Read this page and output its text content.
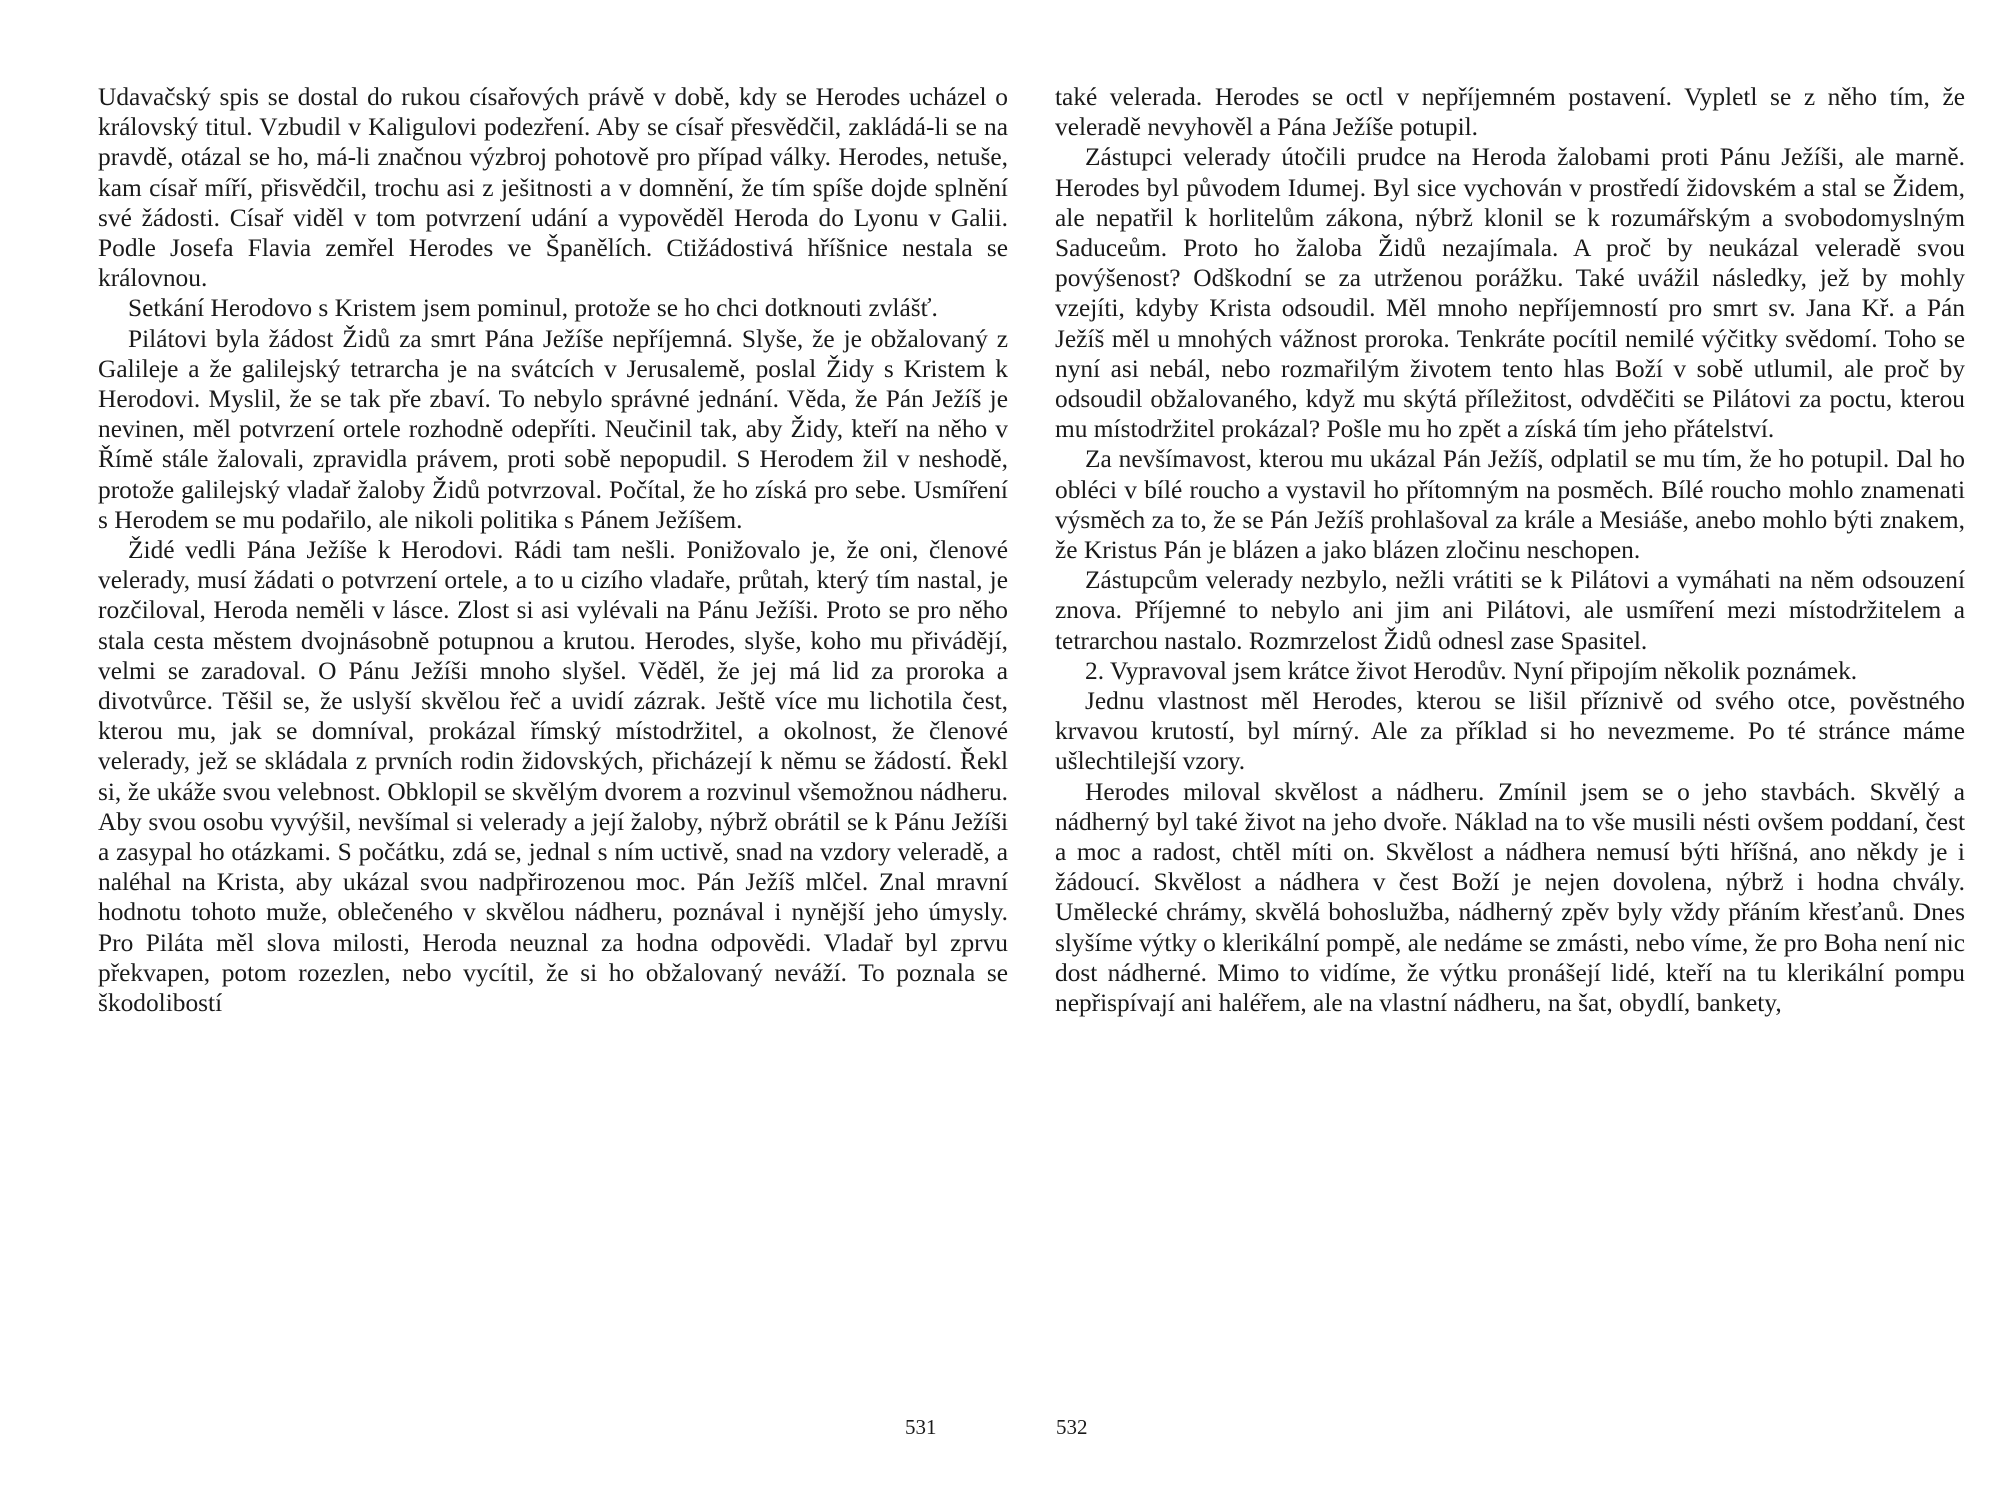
Udavačský spis se dostal do rukou císařových právě v době, kdy se Herodes ucházel o královský titul. Vzbudil v Kaligulovi podezření. Aby se císař přesvědčil, zakládá-li se na pravdě, otázal se ho, má-li značnou výzbroj pohotově pro případ války. Herodes, netuše, kam císař míří, přisvědčil, trochu asi z ješitnosti a v domnění, že tím spíše dojde splnění své žádosti. Císař viděl v tom potvrzení udání a vypověděl Heroda do Lyonu v Galii. Podle Josefa Flavia zemřel Herodes ve Španělích. Ctižádostivá hříšnice nestala se královnou.

Setkání Herodovo s Kristem jsem pominul, protože se ho chci dotknouti zvlášť.

Pilátovi byla žádost Židů za smrt Pána Ježíše nepříjemná. Slyše, že je obžalovaný z Galileje a že galilejský tetrarcha je na svátcích v Jerusalemě, poslal Židy s Kristem k Herodovi. Myslil, že se tak pře zbaví. To nebylo správné jednání. Věda, že Pán Ježíš je nevinen, měl potvrzení ortele rozhodně odepříti. Neučinil tak, aby Židy, kteří na něho v Římě stále žalovali, zpravidla právem, proti sobě nepopudil. S Herodem žil v neshodě, protože galilejský vladař žaloby Židů potvrzoval. Počítal, že ho získá pro sebe. Usmíření s Herodem se mu podařilo, ale nikoli politika s Pánem Ježíšem.

Židé vedli Pána Ježíše k Herodovi. Rádi tam nešli. Ponižovalo je, že oni, členové velerady, musí žádati o potvrzení ortele, a to u cizího vladaře, průtah, který tím nastal, je rozčiloval, Heroda neměli v lásce. Zlost si asi vylévali na Pánu Ježíši. Proto se pro něho stala cesta městem dvojnásobně potupnou a krutou. Herodes, slyše, koho mu přivádějí, velmi se zaradoval. O Pánu Ježíši mnoho slyšel. Věděl, že jej má lid za proroka a divotvůrce. Těšil se, že uslyší skvělou řeč a uvidí zázrak. Ještě více mu lichotila čest, kterou mu, jak se domníval, prokázal římský místodržitel, a okolnost, že členové velerady, jež se skládala z prvních rodin židovských, přicházejí k němu se žádostí. Řekl si, že ukáže svou velebnost. Obklopil se skvělým dvorem a rozvinul všemožnou nádheru. Aby svou osobu vyvýšil, nevšímal si velerady a její žaloby, nýbrž obrátil se k Pánu Ježíši a zasypal ho otázkami. S počátku, zdá se, jednal s ním uctivě, snad na vzdory veleradě, a naléhal na Krista, aby ukázal svou nadpřirozenou moc. Pán Ježíš mlčel. Znal mravní hodnotu tohoto muže, oblečeného v skvělou nádheru, poznával i nynější jeho úmysly. Pro Piláta měl slova milosti, Heroda neuznal za hodna odpovědi. Vladař byl zprvu překvapen, potom rozezlen, nebo vycítil, že si ho obžalovaný neváží. To poznala se škodolibostí

531

také velerada. Herodes se octl v nepříjemném postavení. Vypletl se z něho tím, že veleradě nevyhověl a Pána Ježíše potupil.

Zástupci velerady útočili prudce na Heroda žalobami proti Pánu Ježíši, ale marně. Herodes byl původem Idumej. Byl sice vychován v prostředí židovském a stal se Židem, ale nepatřil k horlitelům zákona, nýbrž klonil se k rozumářským a svobodomyslným Saduceům. Proto ho žaloba Židů nezajímala. A proč by neukázal veleradě svou povýšenost? Odškodní se za utrženou porážku. Také uvážil následky, jež by mohly vzejíti, kdyby Krista odsoudil. Měl mnoho nepříjemností pro smrt sv. Jana Kř. a Pán Ježíš měl u mnohých vážnost proroka. Tenkráte pocítil nemilé výčitky svědomí. Toho se nyní asi nebál, nebo rozmařilým životem tento hlas Boží v sobě utlumil, ale proč by odsoudil obžalovaného, když mu skýtá příležitost, odvděčiti se Pilátovi za poctu, kterou mu místodržitel prokázal? Pošle mu ho zpět a získá tím jeho přátelství.

Za nevšímavost, kterou mu ukázal Pán Ježíš, odplatil se mu tím, že ho potupil. Dal ho obléci v bílé roucho a vystavil ho přítomným na posměch. Bílé roucho mohlo znamenati výsměch za to, že se Pán Ježíš prohlašoval za krále a Mesiáše, anebo mohlo býti znakem, že Kristus Pán je blázen a jako blázen zločinu neschopen.

Zástupcům velerady nezbylo, nežli vrátiti se k Pilátovi a vymáhati na něm odsouzení znova. Příjemné to nebylo ani jim ani Pilátovi, ale usmíření mezi místodržitelem a tetrarchou nastalo. Rozmrzelost Židů odnesl zase Spasitel.

2. Vypravoval jsem krátce život Herodův. Nyní připojím několik poznámek.

Jednu vlastnost měl Herodes, kterou se lišil příznivě od svého otce, pověstného krvavou krutostí, byl mírný. Ale za příklad si ho nevezmeme. Po té stránce máme ušlechtilejší vzory.

Herodes miloval skvělost a nádheru. Zmínil jsem se o jeho stavbách. Skvělý a nádherný byl také život na jeho dvoře. Náklad na to vše musili nésti ovšem poddaní, čest a moc a radost, chtěl míti on. Skvělost a nádhera nemusí býti hříšná, ano někdy je i žádoucí. Skvělost a nádhera v čest Boží je nejen dovolena, nýbrž i hodna chvály. Umělecké chrámy, skvělá bohoslužba, nádherný zpěv byly vždy přáním křesťanů. Dnes slyšíme výtky o klerikální pompě, ale nedáme se zmásti, nebo víme, že pro Boha není nic dost nádherné. Mimo to vidíme, že výtku pronášejí lidé, kteří na tu klerikální pompu nepřispívají ani haléřem, ale na vlastní nádheru, na šat, obydlí, bankety,

532
